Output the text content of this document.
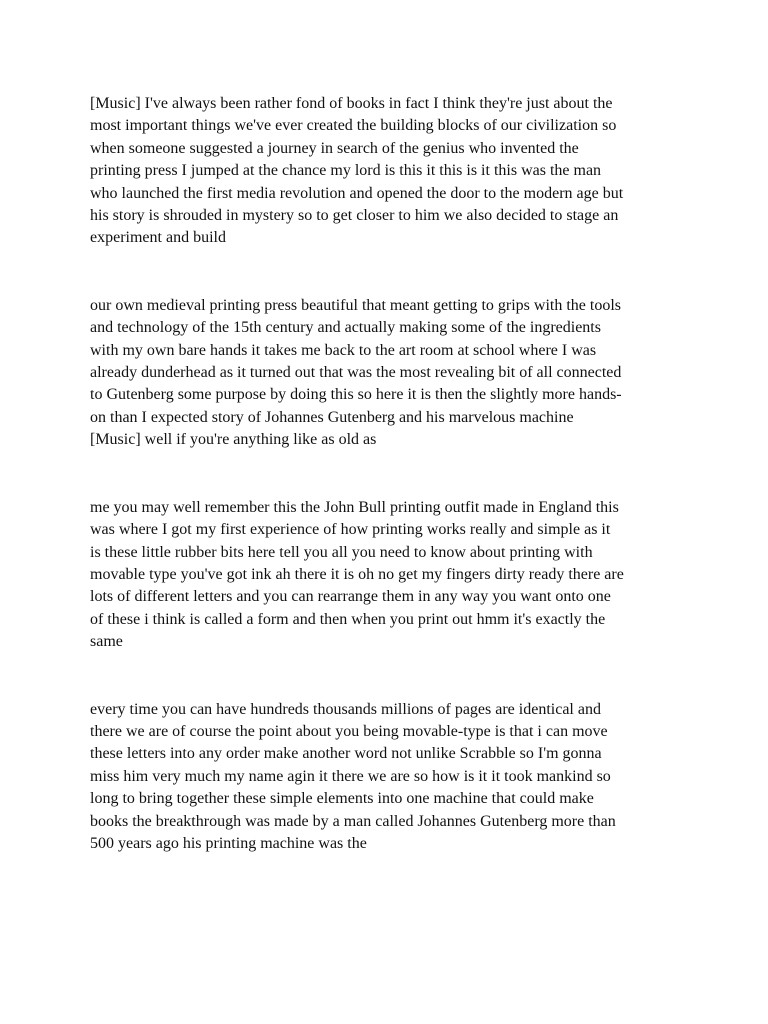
[Music] I've always been rather fond of books in fact I think they're just about the
most important things we've ever created the building blocks of our civilization so
when someone suggested a journey in search of the genius who invented the
printing press I jumped at the chance my lord is this it this is it this was the man
who launched the first media revolution and opened the door to the modern age but
his story is shrouded in mystery so to get closer to him we also decided to stage an
experiment and build

our own medieval printing press beautiful that meant getting to grips with the tools
and technology of the 15th century and actually making some of the ingredients
with my own bare hands it takes me back to the art room at school where I was
already dunderhead as it turned out that was the most revealing bit of all connected
to Gutenberg some purpose by doing this so here it is then the slightly more hands-
on than I expected story of Johannes Gutenberg and his marvelous machine
[Music] well if you're anything like as old as

me you may well remember this the John Bull printing outfit made in England this
was where I got my first experience of how printing works really and simple as it
is these little rubber bits here tell you all you need to know about printing with
movable type you've got ink ah there it is oh no get my fingers dirty ready there are
lots of different letters and you can rearrange them in any way you want onto one
of these i think is called a form and then when you print out hmm it's exactly the
same

every time you can have hundreds thousands millions of pages are identical and
there we are of course the point about you being movable-type is that i can move
these letters into any order make another word not unlike Scrabble so I'm gonna
miss him very much my name agin it there we are so how is it it took mankind so
long to bring together these simple elements into one machine that could make
books the breakthrough was made by a man called Johannes Gutenberg more than
500 years ago his printing machine was the
